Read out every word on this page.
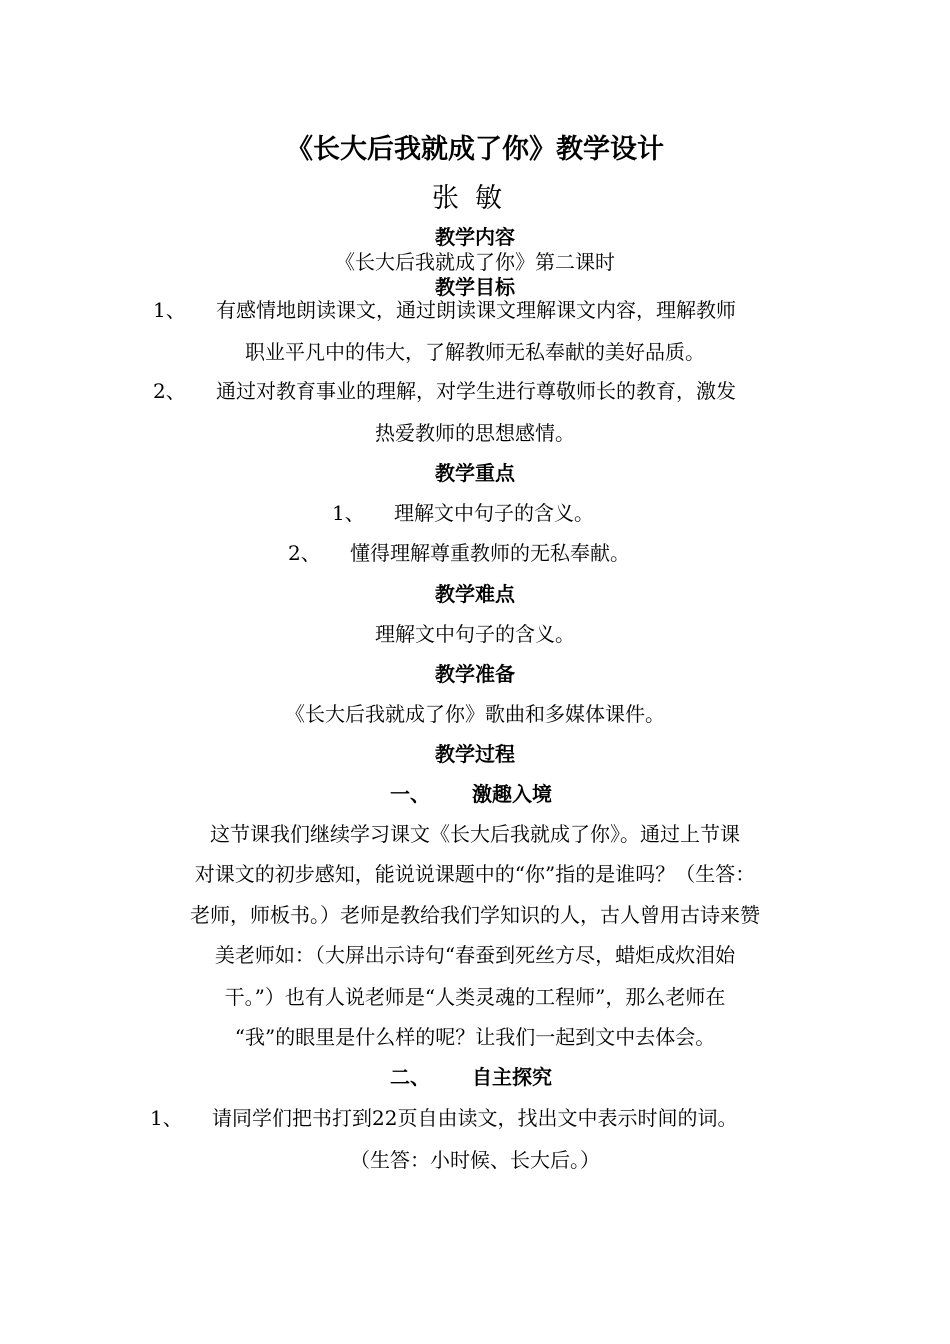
《长大后我就成了你》教学设计
张敏
教学内容
《长大后我就成了你》第二课时
教学目标
1、 有感情地朗读课文，通过朗读课文理解课文内容，理解教师
职业平凡中的伟大，了解教师无私奉献的美好品质。
2、 通过对教育事业的理解，对学生进行尊敬师长的教育，激发
热爱教师的思想感情。
教学重点
1、 理解文中句子的含义。
2、 懂得理解尊重教师的无私奉献。
教学难点
理解文中句子的含义。
教学准备
《长大后我就成了你》歌曲和多媒体课件。
教学过程
一、 激趣入境
这节课我们继续学习课文《长大后我就成了你》。通过上节课
对课文的初步感知，能说说课题中的“你”指的是谁吗？（生答：
老师，师板书。）老师是教给我们学知识的人，古人曾用古诗来赞
美老师如：（大屏出示诗句“春蚕到死丝方尽，蜡炬成炊泪始
干。”）也有人说老师是“人类灵魂的工程师”，那么老师在
“我”的眼里是什么样的呢？让我们一起到文中去体会。
二、 自主探究
1、 请同学们把书打到22页自由读文，找出文中表示时间的词。
（生答：小时候、长大后。）
